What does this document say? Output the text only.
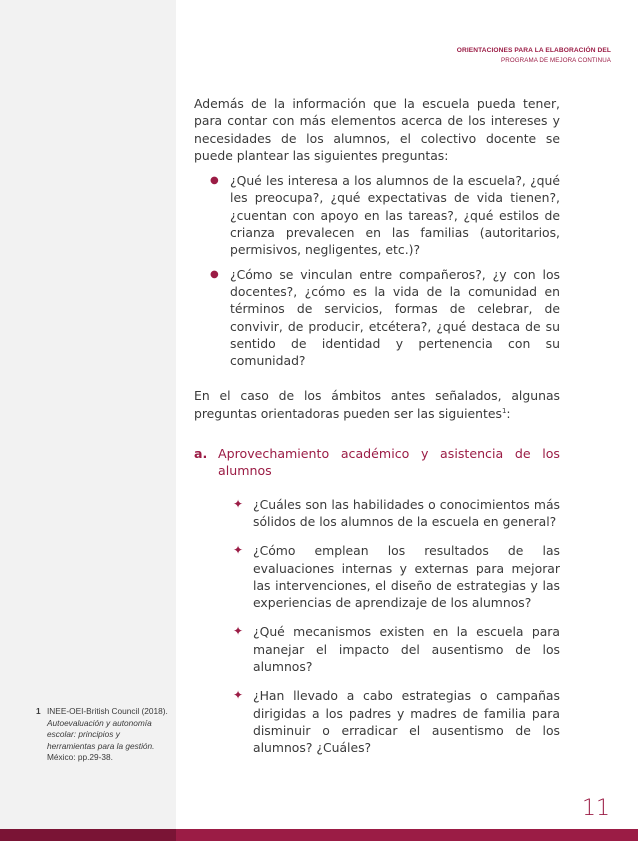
ORIENTACIONES PARA LA ELABORACIÓN DEL
PROGRAMA DE MEJORA CONTINUA

Además de la información que la escuela pueda tener, para contar con más elementos acerca de los intereses y necesidades de los alumnos, el colectivo docente se puede plantear las siguientes preguntas:

● ¿Qué les interesa a los alumnos de la escuela?, ¿qué les preocupa?, ¿qué expectativas de vida tienen?, ¿cuentan con apoyo en las tareas?, ¿qué estilos de crianza prevalecen en las familias (autoritarios, permisivos, negligentes, etc.)?
● ¿Cómo se vinculan entre compañeros?, ¿y con los docentes?, ¿cómo es la vida de la comunidad en términos de servicios, formas de celebrar, de convivir, de producir, etcétera?, ¿qué destaca de su sentido de identidad y pertenencia con su comunidad?

En el caso de los ámbitos antes señalados, algunas preguntas orientadoras pueden ser las siguientes$^1$:

a. Aprovechamiento académico y asistencia de los alumnos
✦ ¿Cuáles son las habilidades o conocimientos más sólidos de los alumnos de la escuela en general?
✦ ¿Cómo emplean los resultados de las evaluaciones internas y externas para mejorar las intervenciones, el diseño de estrategias y las experiencias de aprendizaje de los alumnos?
✦ ¿Qué mecanismos existen en la escuela para manejar el impacto del ausentismo de los alumnos?
✦ ¿Han llevado a cabo estrategias o campañas dirigidas a los padres y madres de familia para disminuir o erradicar el ausentismo de los alumnos? ¿Cuáles?
1 INEE-OEI-British Council (2018). Autoevaluación y autonomía escolar: principios y herramientas para la gestión. México: pp.29-38.
11
